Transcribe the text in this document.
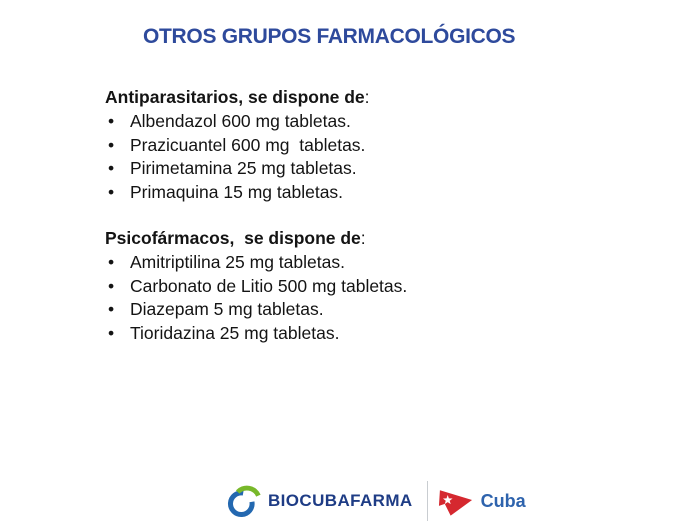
OTROS GRUPOS FARMACOLÓGICOS
Antiparasitarios, se dispone de:
• Albendazol 600 mg tabletas.
• Prazicuantel 600 mg  tabletas.
• Pirimetamina 25 mg tabletas.
• Primaquina 15 mg tabletas.
Psicofármacos,  se dispone de:
• Amitriptilina 25 mg tabletas.
• Carbonato de Litio 500 mg tabletas.
• Diazepam 5 mg tabletas.
• Tioridazina 25 mg tabletas.
BIOCUBAFARMA	Cuba
